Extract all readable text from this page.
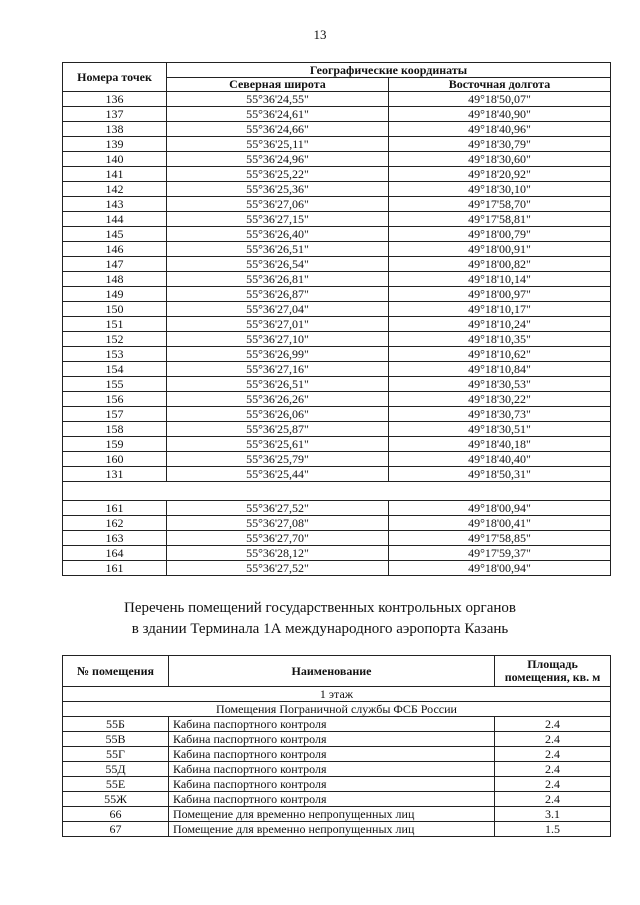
13
Номера точек	Географические координаты	
	Северная широта	Восточная долгота
136	55°36'24,55"	49°18'50,07"
137	55°36'24,61"	49°18'40,90"
138	55°36'24,66"	49°18'40,96"
139	55°36'25,11"	49°18'30,79"
140	55°36'24,96"	49°18'30,60"
141	55°36'25,22"	49°18'20,92"
142	55°36'25,36"	49°18'30,10"
143	55°36'27,06"	49°17'58,70"
144	55°36'27,15"	49°17'58,81"
145	55°36'26,40"	49°18'00,79"
146	55°36'26,51"	49°18'00,91"
147	55°36'26,54"	49°18'00,82"
148	55°36'26,81"	49°18'10,14"
149	55°36'26,87"	49°18'00,97"
150	55°36'27,04"	49°18'10,17"
151	55°36'27,01"	49°18'10,24"
152	55°36'27,10"	49°18'10,35"
153	55°36'26,99"	49°18'10,62"
154	55°36'27,16"	49°18'10,84"
155	55°36'26,51"	49°18'30,53"
156	55°36'26,26"	49°18'30,22"
157	55°36'26,06"	49°18'30,73"
158	55°36'25,87"	49°18'30,51"
159	55°36'25,61"	49°18'40,18"
160	55°36'25,79"	49°18'40,40"
131	55°36'25,44"	49°18'50,31"

161	55°36'27,52"	49°18'00,94"
162	55°36'27,08"	49°18'00,41"
163	55°36'27,70"	49°17'58,85"
164	55°36'28,12"	49°17'59,37"
161	55°36'27,52"	49°18'00,94"
Перечень помещений государственных контрольных органов
в здании Терминала 1А международного аэропорта Казань
№ помещения	Наименование	Площадь помещения, кв. м
1 этаж		
Помещения Пограничной службы ФСБ России		
55Б	Кабина паспортного контроля	2.4
55В	Кабина паспортного контроля	2.4
55Г	Кабина паспортного контроля	2.4
55Д	Кабина паспортного контроля	2.4
55Е	Кабина паспортного контроля	2.4
55Ж	Кабина паспортного контроля	2.4
66	Помещение для временно непропущенных лиц	3.1
67	Помещение для временно непропущенных лиц	1.5
